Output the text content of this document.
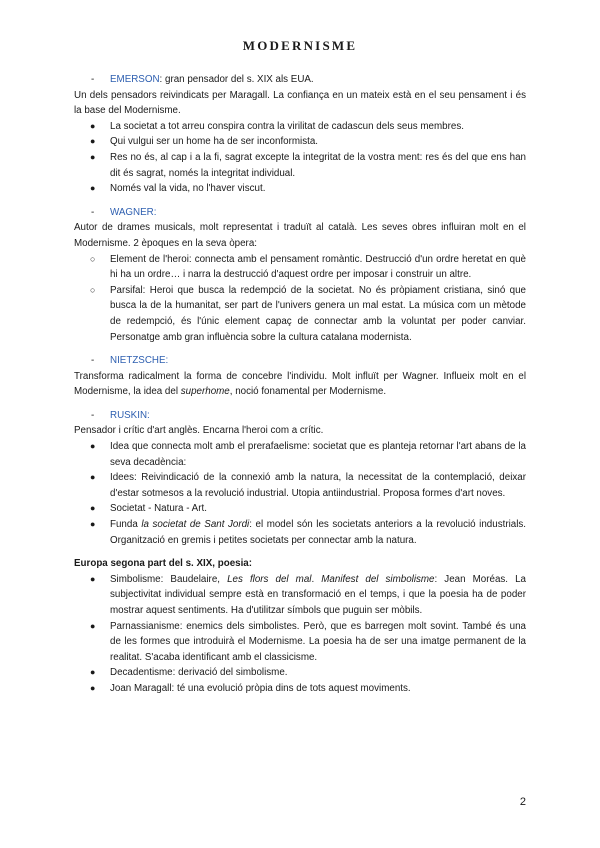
MODERNISME
- EMERSON: gran pensador del s. XIX als EUA.

Un dels pensadors reivindicats per Maragall. La confiança en un mateix està en el seu pensament i és la base del Modernisme.

● La societat a tot arreu conspira contra la virilitat de cadascun dels seus membres.
● Qui vulgui ser un home ha de ser inconformista.
● Res no és, al cap i a la fi, sagrat excepte la integritat de la vostra ment: res és del que ens han dit és sagrat, només la integritat individual.
● Només val la vida, no l'haver viscut.
- WAGNER:

Autor de drames musicals, molt representat i traduït al català. Les seves obres influiran molt en el Modernisme. 2 èpoques en la seva òpera:

○ Element de l'heroi: connecta amb el pensament romàntic. Destrucció d'un ordre heretat en què hi ha un ordre… i narra la destrucció d'aquest ordre per imposar i construir un altre.
○ Parsifal: Heroi que busca la redempció de la societat. No és pròpiament cristiana, sinó que busca la de la humanitat, ser part de l'univers genera un mal estat. La música com un mètode de redempció, és l'únic element capaç de connectar amb la voluntat per poder canviar. Personatge amb gran influència sobre la cultura catalana modernista.
- NIETZSCHE:

Transforma radicalment la forma de concebre l'individu. Molt influït per Wagner. Influeix molt en el Modernisme, la idea del superhome, noció fonamental per Modernisme.

- RUSKIN:

Pensador i crític d'art anglès. Encarna l'heroi com a crític.

● Idea que connecta molt amb el prerafaelisme: societat que es planteja retornar l'art abans de la seva decadència:
● Idees: Reivindicació de la connexió amb la natura, la necessitat de la contemplació, deixar d'estar sotmesos a la revolució industrial. Utopia antiindustrial. Proposa formes d'art noves.
● Societat - Natura - Art.
● Funda la societat de Sant Jordi: el model són les societats anteriors a la revolució industrials. Organització en gremis i petites societats per connectar amb la natura.
Europa segona part del s. XIX, poesia:
● Simbolisme: Baudelaire, Les flors del mal. Manifest del simbolisme: Jean Moréas. La subjectivitat individual sempre està en transformació en el temps, i que la poesia ha de poder mostrar aquest sentiments. Ha d'utilitzar símbols que puguin ser mòbils.
● Parnassianisme: enemics dels simbolistes. Però, que es barregen molt sovint. També és una de les formes que introduirà el Modernisme. La poesia ha de ser una imatge permanent de la realitat. S'acaba identificant amb el classicisme.
● Decadentisme: derivació del simbolisme.
● Joan Maragall: té una evolució pròpia dins de tots aquest moviments.
2
